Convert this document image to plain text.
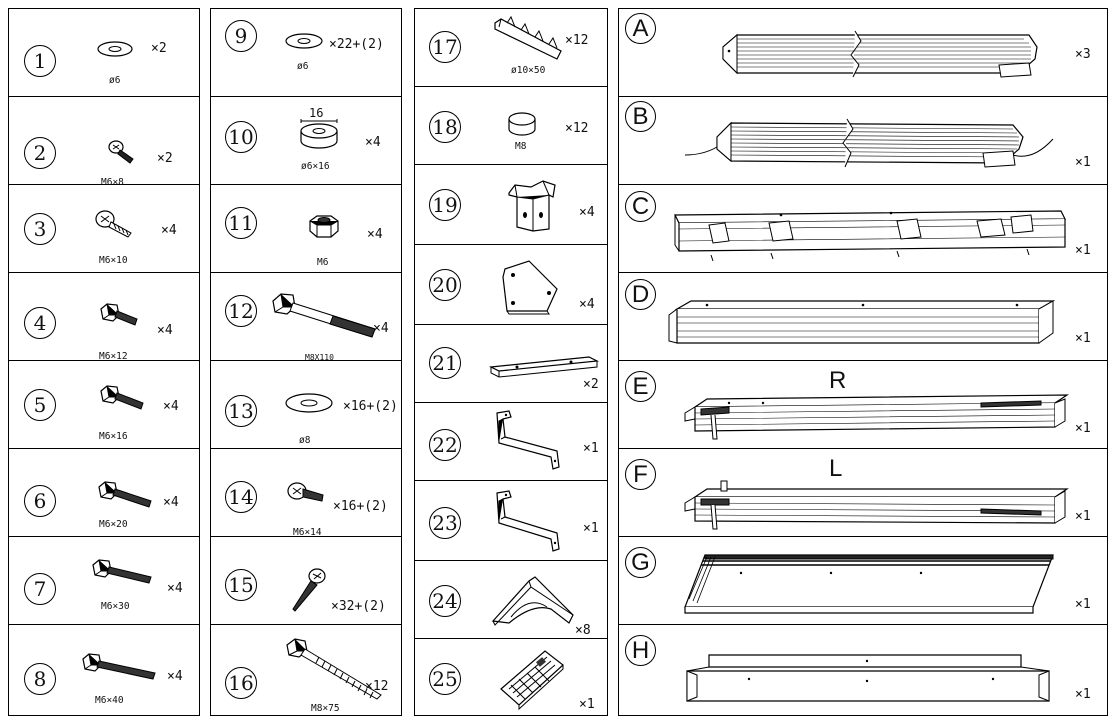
1
ø6
×2
2
M6×8
×2
3
M6×10
×4
4
M6×12
×4
5
M6×16
×4
6
M6×20
×4
7
M6×30
×4
8
M6×40
×4
9
ø6
×22+(2)
10
16
ø6×16
×4
11
M6
×4
12
M8X110
×4
13
ø8
×16+(2)
14
M6×14
×16+(2)
15
×32+(2)
16
M8×75
×12
17
ø10×50
×12
18
M8
×12
19	×4
20
×4
21
×2
22	×1
23	×1
24
×8
25
×1
A
×3
B
×1
C
×1
D
×1
E	R
×1
F	L
×1
G
×1
H
×1
